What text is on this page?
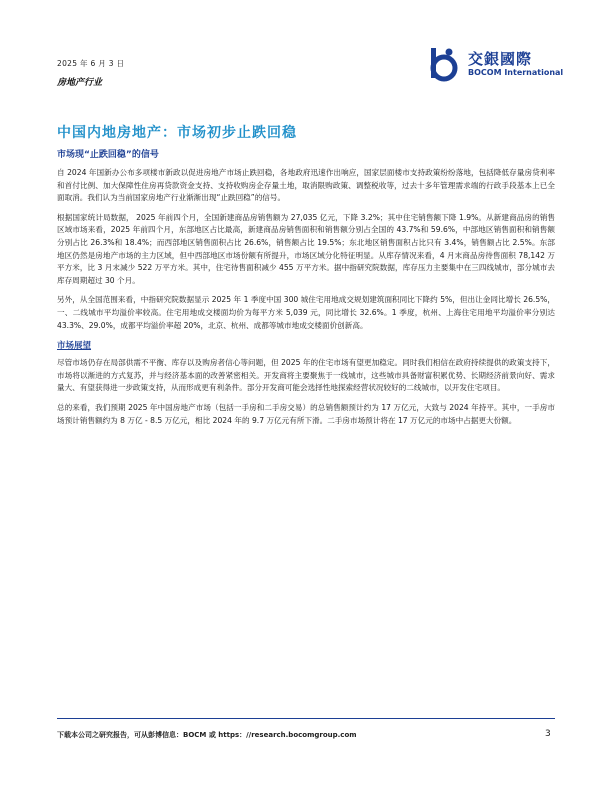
2025 年 6 月 3 日
房地产行业
交銀國際
BOCOM International
中国内地房地产：市场初步止跌回稳
市场现“止跌回稳”的信号

自 2024 年国新办公布多项楼市新政以促进房地产市场止跌回稳，各地政府迅速作出响应，国家层面楼市支持政策纷纷落地，包括降低存量房贷利率和首付比例、加大保障性住房再贷款资金支持、支持收购房企存量土地，取消限购政策、调整税收等，过去十多年管理需求端的行政手段基本上已全面取消。我们认为当前国家房地产行业渐渐出现“止跌回稳”的信号。

根据国家统计局数据， 2025 年前四个月，全国新建商品房销售额为 27,035 亿元，下降 3.2%；其中住宅销售额下降 1.9%。从新建商品房的销售区域市场来看，2025 年前四个月，东部地区占比最高，新建商品房销售面积和销售额分别占全国的 43.7%和 59.6%，中部地区销售面积和销售额分别占比 26.3%和 18.4%；而西部地区销售面积占比 26.6%，销售额占比 19.5%；东北地区销售面积占比只有 3.4%，销售额占比 2.5%。东部地区仍然是房地产市场的主力区域，但中西部地区市场份额有所提升，市场区域分化特征明显。从库存情况来看，4 月末商品房待售面积 78,142 万平方米，比 3 月末减少 522 万平方米。其中，住宅待售面积减少 455 万平方米。据中指研究院数据，库存压力主要集中在三四线城市，部分城市去库存周期超过 30 个月。

另外，从全国范围来看，中指研究院数据显示 2025 年 1 季度中国 300 城住宅用地成交规划建筑面积同比下降约 5%，但出让金同比增长 26.5%，一、二线城市平均溢价率较高。住宅用地成交楼面均价为每平方米 5,039 元，同比增长 32.6%。1 季度，杭州、上海住宅用地平均溢价率分别达 43.3%、29.0%，成都平均溢价率超 20%，北京、杭州、成都等城市地成交楼面价创新高。

市场展望

尽管市场仍存在局部供需不平衡、库存以及购房者信心等问题，但 2025 年的住宅市场有望更加稳定。同时我们相信在政府持续提供的政策支持下，市场将以渐进的方式复苏，并与经济基本面的改善紧密相关。开发商将主要聚焦于一线城市，这些城市具备财富积累优势、长期经济前景向好、需求量大、有望获得进一步政策支持，从而形成更有利条件。部分开发商可能会选择性地探索经营状况较好的二线城市，以开发住宅项目。

总的来看，我们预期 2025 年中国房地产市场（包括一手房和二手房交易）的总销售额预计约为 17 万亿元，大致与 2024 年持平。其中，一手房市场预计销售额约为 8 万亿 - 8.5 万亿元，相比 2024 年的 9.7 万亿元有所下滑。二手房市场预计将在 17 万亿元的市场中占据更大份额。

下载本公司之研究报告，可从彭博信息：BOCM 或 https：//research.bocomgroup.com	3
